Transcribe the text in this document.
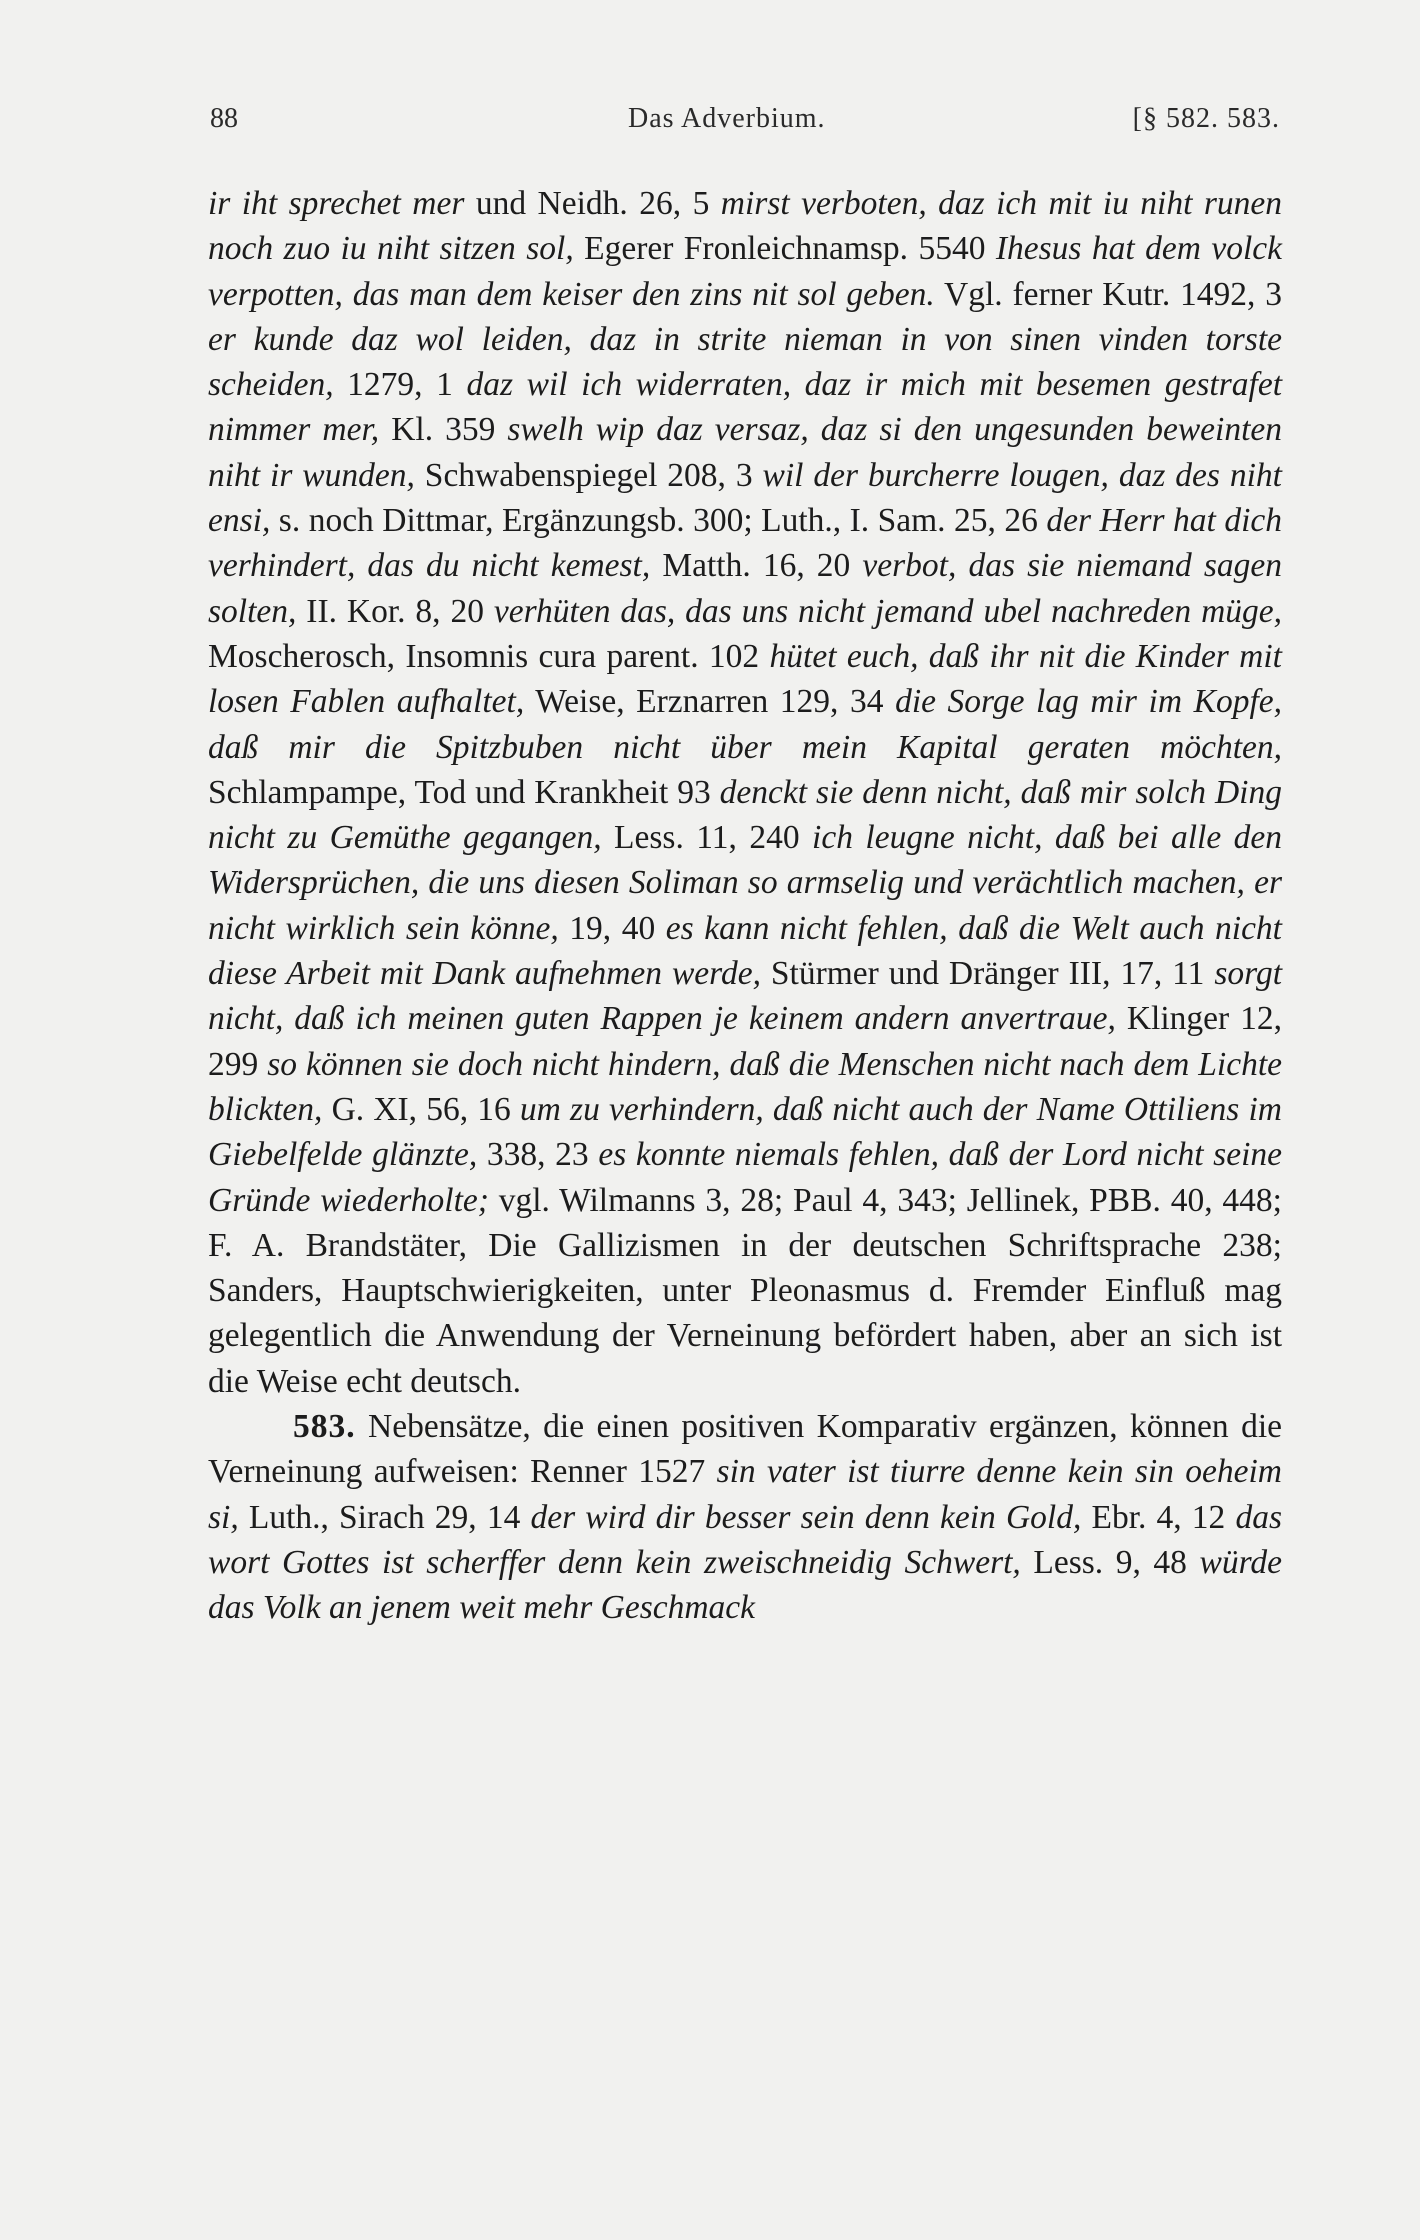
88	Das Adverbium.	[§ 582. 583.

ir iht sprechet mer und Neidh. 26, 5 mirst verboten, daz ich mit iu niht runen noch zuo iu niht sitzen sol, Egerer Fronleichnamsp. 5540 Ihesus hat dem volck verpotten, das man dem keiser den zins nit sol geben. Vgl. ferner Kutr. 1492, 3 er kunde daz wol leiden, daz in strite nieman in von sinen vinden torste scheiden, 1279, 1 daz wil ich widerraten, daz ir mich mit besemen gestrafet nimmer mer, Kl. 359 swelh wip daz versaz, daz si den ungesunden beweinten niht ir wunden, Schwabenspiegel 208, 3 wil der burcherre lougen, daz des niht ensi, s. noch Dittmar, Ergänzungsb. 300; Luth., I. Sam. 25, 26 der Herr hat dich verhindert, das du nicht kemest, Matth. 16, 20 verbot, das sie niemand sagen solten, II. Kor. 8, 20 verhüten das, das uns nicht jemand ubel nachreden müge, Moscherosch, Insomnis cura parent. 102 hütet euch, daß ihr nit die Kinder mit losen Fablen aufhaltet, Weise, Erznarren 129, 34 die Sorge lag mir im Kopfe, daß mir die Spitzbuben nicht über mein Kapital geraten möchten, Schlampampe, Tod und Krankheit 93 denckt sie denn nicht, daß mir solch Ding nicht zu Gemüthe gegangen, Less. 11, 240 ich leugne nicht, daß bei alle den Widersprüchen, die uns diesen Soliman so armselig und verächtlich machen, er nicht wirklich sein könne, 19, 40 es kann nicht fehlen, daß die Welt auch nicht diese Arbeit mit Dank aufnehmen werde, Stürmer und Dränger III, 17, 11 sorgt nicht, daß ich meinen guten Rappen je keinem andern anvertraue, Klinger 12, 299 so können sie doch nicht hindern, daß die Menschen nicht nach dem Lichte blickten, G. XI, 56, 16 um zu verhindern, daß nicht auch der Name Ottiliens im Giebelfelde glänzte, 338, 23 es konnte niemals fehlen, daß der Lord nicht seine Gründe wiederholte; vgl. Wilmanns 3, 28; Paul 4, 343; Jellinek, PBB. 40, 448; F. A. Brandstäter, Die Gallizismen in der deutschen Schriftsprache 238; Sanders, Hauptschwierigkeiten, unter Pleonasmus d. Fremder Einfluß mag gelegentlich die Anwendung der Verneinung befördert haben, aber an sich ist die Weise echt deutsch.

583. Nebensätze, die einen positiven Komparativ ergänzen, können die Verneinung aufweisen: Renner 1527 sin vater ist tiurre denne kein sin oeheim si, Luth., Sirach 29, 14 der wird dir besser sein denn kein Gold, Ebr. 4, 12 das wort Gottes ist scherffer denn kein zweischneidig Schwert, Less. 9, 48 würde das Volk an jenem weit mehr Geschmack
